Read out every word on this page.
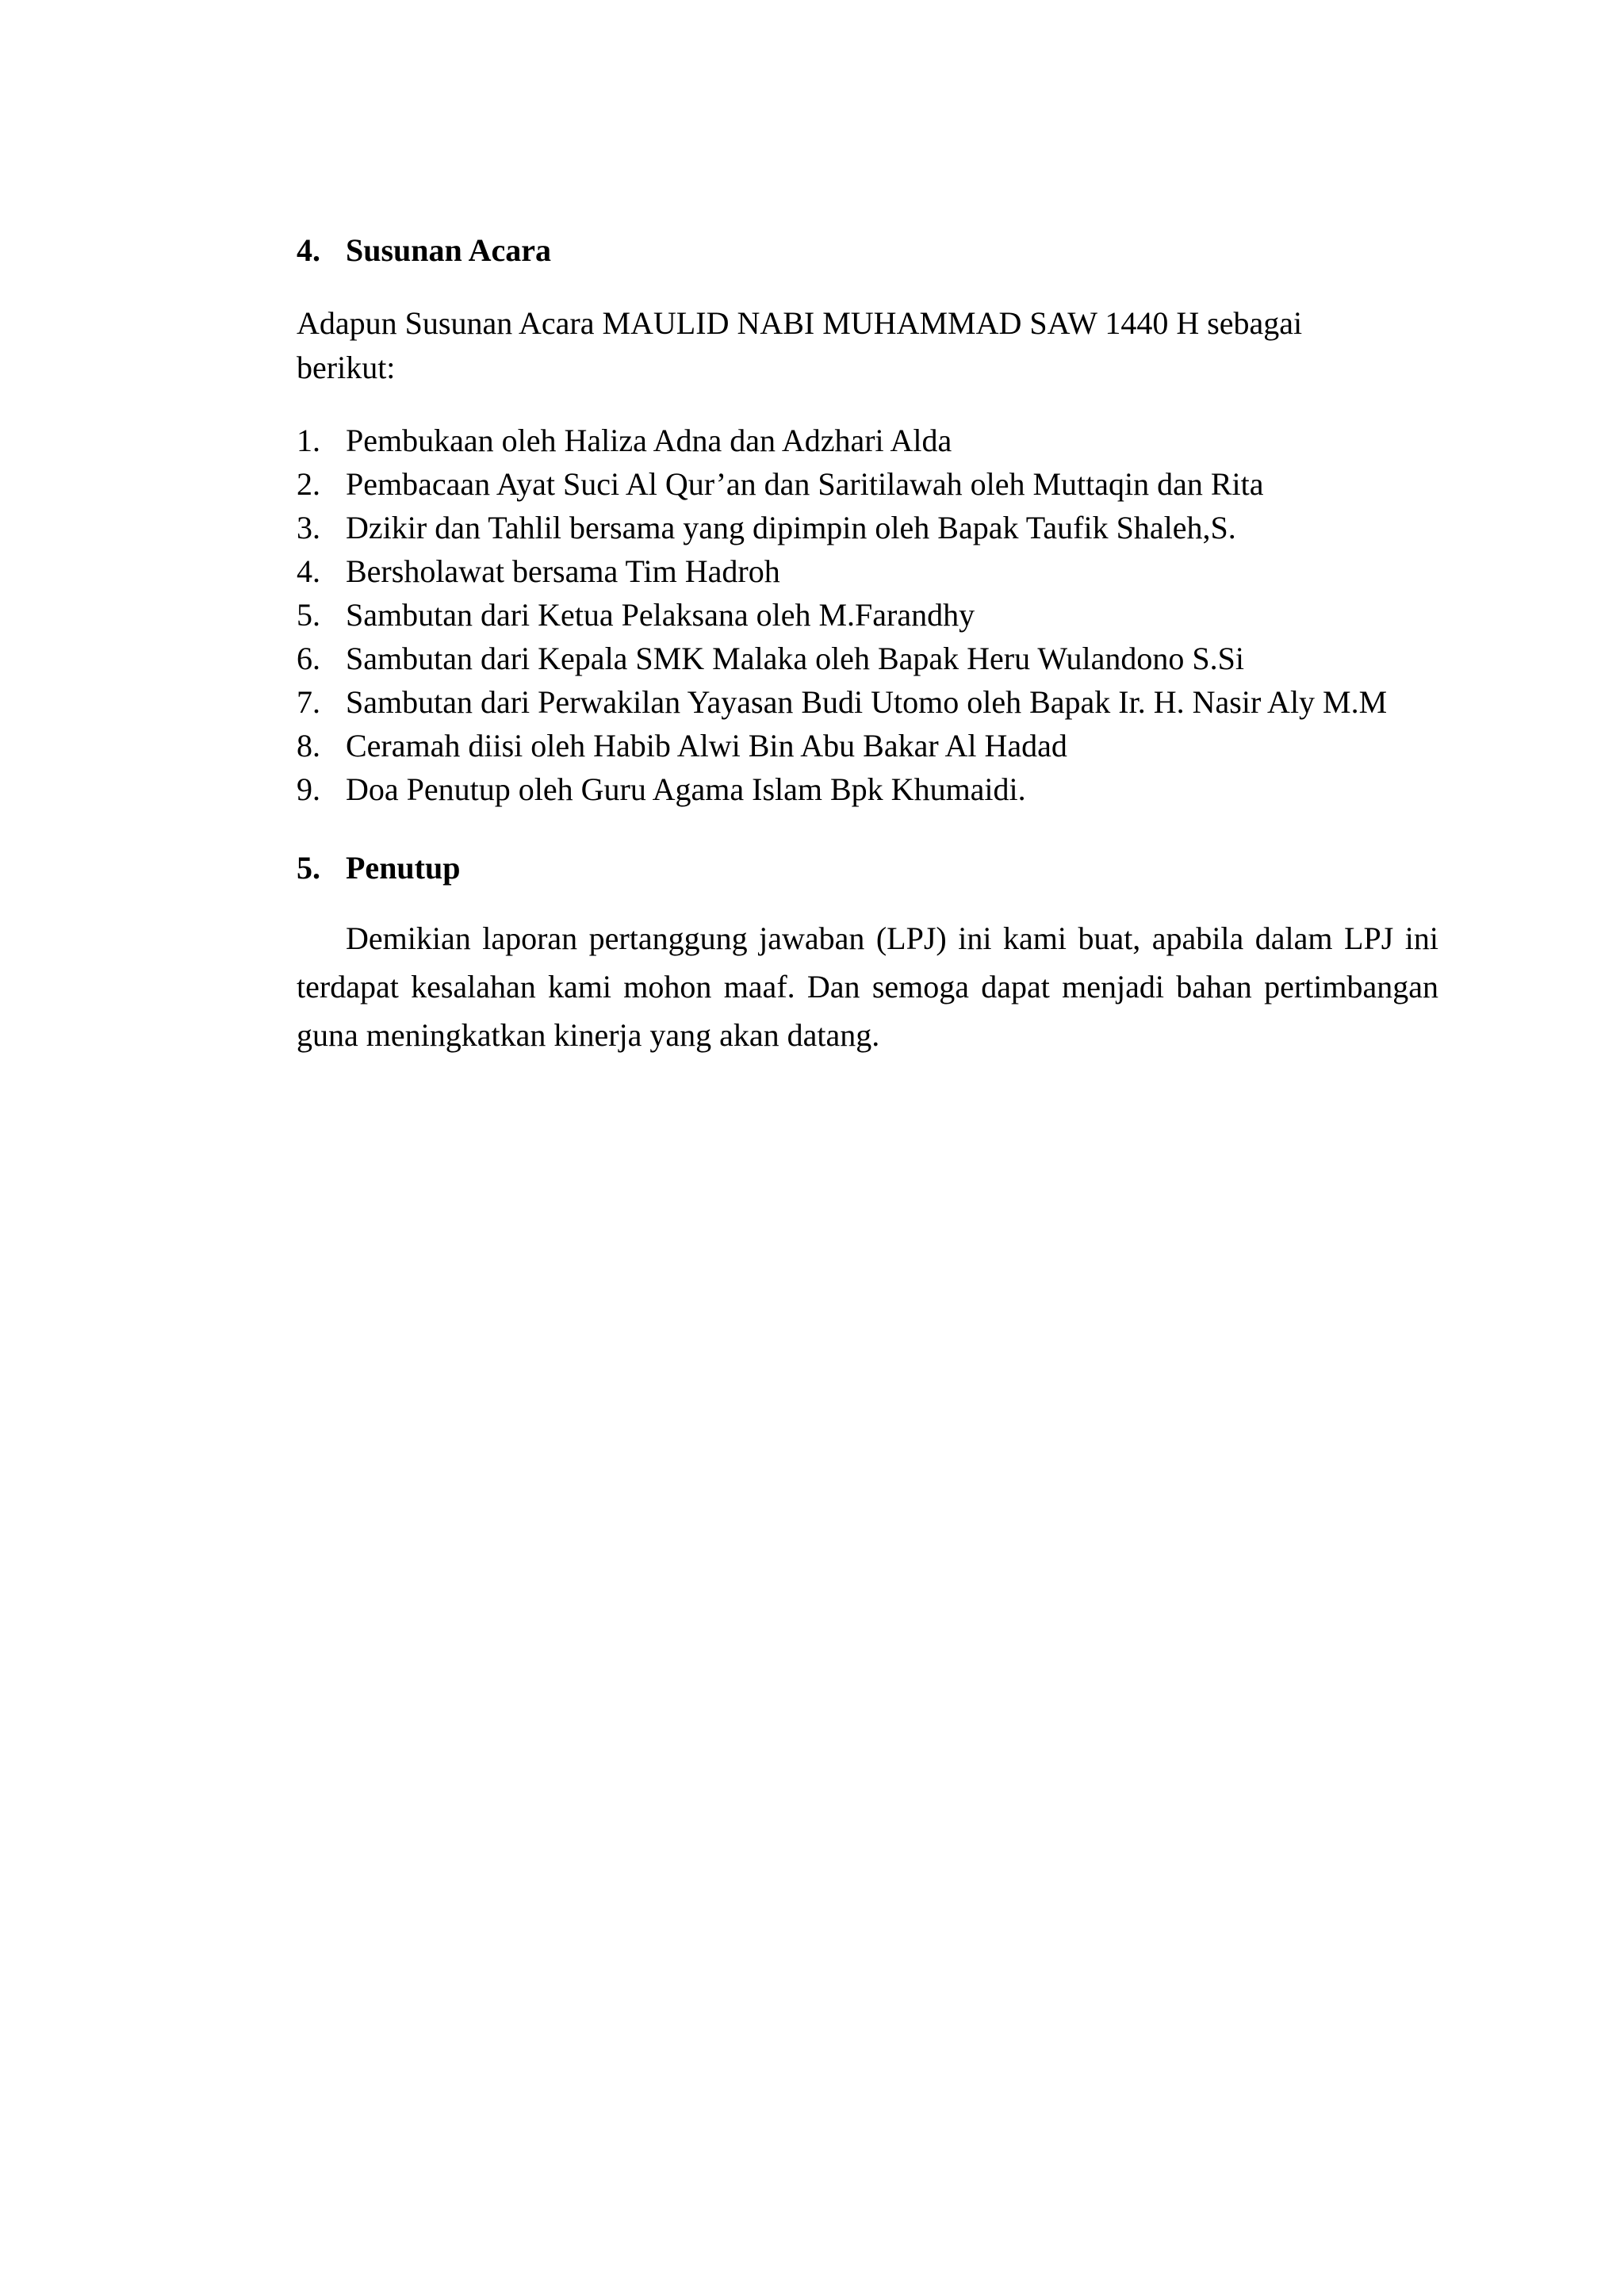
4. Susunan Acara

Adapun Susunan Acara MAULID NABI MUHAMMAD SAW 1440 H sebagai berikut:

1. Pembukaan oleh Haliza Adna dan Adzhari Alda
2. Pembacaan Ayat Suci Al Qur’an dan Saritilawah oleh Muttaqin dan Rita
3. Dzikir dan Tahlil bersama yang dipimpin oleh Bapak Taufik Shaleh,S.
4. Bersholawat bersama Tim Hadroh
5. Sambutan dari Ketua Pelaksana oleh M.Farandhy
6. Sambutan dari Kepala SMK Malaka oleh Bapak Heru Wulandono S.Si
7. Sambutan dari Perwakilan Yayasan Budi Utomo oleh Bapak Ir. H. Nasir Aly M.M
8. Ceramah diisi oleh Habib Alwi Bin Abu Bakar Al Hadad
9. Doa Penutup oleh Guru Agama Islam Bpk Khumaidi.
5. Penutup

Demikian laporan pertanggung jawaban (LPJ) ini kami buat, apabila dalam LPJ ini terdapat kesalahan kami mohon maaf. Dan semoga dapat menjadi bahan pertimbangan guna meningkatkan kinerja yang akan datang.
